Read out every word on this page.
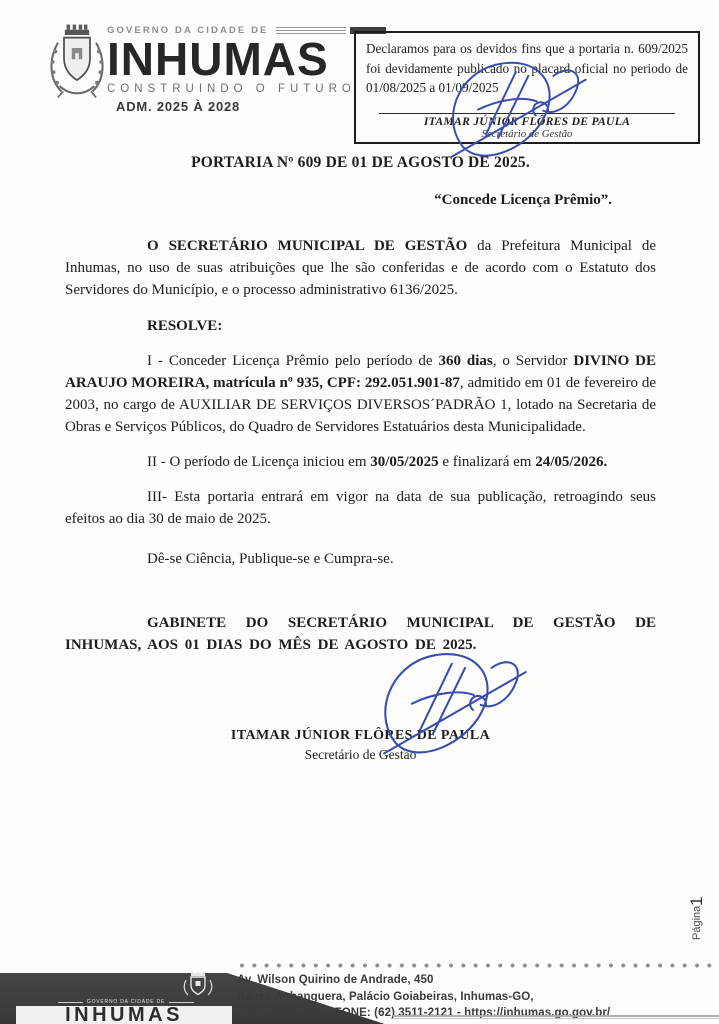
GOVERNO DA CIDADE DE
INHUMAS
CONSTRUINDO O FUTURO
ADM. 2025 À 2028
Declaramos para os devidos fins que a portaria n. 609/2025 foi devidamente publicado no placard oficial no periodo de 01/08/2025 a 01/09/2025
ITAMAR JÚNIOR FLÔRES DE PAULA
Secretário de Gestão
PORTARIA Nº 609 DE 01 DE AGOSTO DE 2025.
“Concede Licença Prêmio”.

O SECRETÁRIO MUNICIPAL DE GESTÃO da Prefeitura Municipal de Inhumas, no uso de suas atribuições que lhe são conferidas e de acordo com o Estatuto dos Servidores do Município, e o processo administrativo 6136/2025.

RESOLVE:

I - Conceder Licença Prêmio pelo período de 360 dias, o Servidor DIVINO DE ARAUJO MOREIRA, matrícula nº 935, CPF: 292.051.901-87, admitido em 01 de fevereiro de 2003, no cargo de AUXILIAR DE SERVIÇOS DIVERSOS´PADRÃO 1, lotado na Secretaria de Obras e Serviços Públicos, do Quadro de Servidores Estatuários desta Municipalidade.

II - O período de Licença iniciou em 30/05/2025 e finalizará em 24/05/2026.

III- Esta portaria entrará em vigor na data de sua publicação, retroagindo seus efeitos ao dia 30 de maio de 2025.

Dê-se Ciência, Publique-se e Cumpra-se.

GABINETE DO SECRETÁRIO MUNICIPAL DE GESTÃO DE INHUMAS, AOS 01 DIAS DO MÊS DE AGOSTO DE 2025.

ITAMAR JÚNIOR FLÔRES DE PAULA
Secretário de Gestão
Página
1
GOVERNO DA CIDADE DE
INHUMAS
Av. Wilson Quirino de Andrade, 450
Bairro Anhanguera, Palácio Goiabeiras, Inhumas-GO,
CEP: 75407-530 - FONE: (62) 3511-2121 - https://inhumas.go.gov.br/
